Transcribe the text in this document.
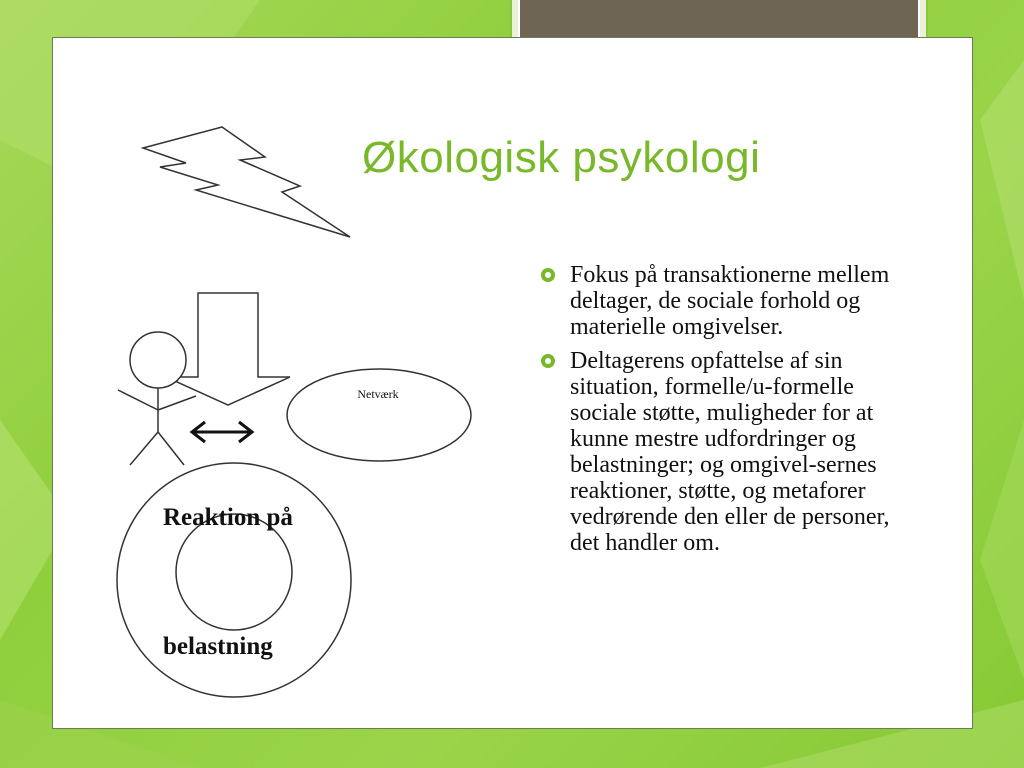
Netværk
Reaktion på
belastning
Økologisk psykologi
Fokus på transaktionerne mellem deltager, de sociale forhold og materielle omgivelser.
Deltagerens opfattelse af sin situation, formelle/u-formelle sociale støtte, muligheder for at kunne mestre udfordringer og belastninger; og omgivel-sernes reaktioner, støtte, og metaforer vedrørende den eller de personer, det handler om.
